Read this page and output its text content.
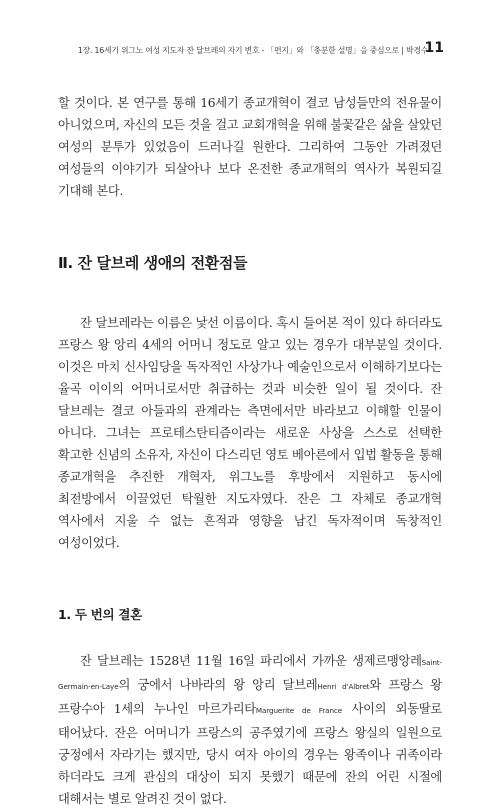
1장. 16세기 위그노 여성 지도자 잔 달브레의 자기 변호 - 「편지」와 「충분한 설명」을 중심으로 | 박경수
11

할 것이다. 본 연구를 통해 16세기 종교개혁이 결코 남성들만의 전유물이 아니었으며, 자신의 모든 것을 걸고 교회개혁을 위해 불꽃같은 삶을 살았던 여성의 분투가 있었음이 드러나길 원한다. 그리하여 그동안 가려졌던 여성들의 이야기가 되살아나 보다 온전한 종교개혁의 역사가 복원되길 기대해 본다.

Ⅱ. 잔 달브레 생애의 전환점들

잔 달브레라는 이름은 낯선 이름이다. 혹시 들어본 적이 있다 하더라도 프랑스 왕 앙리 4세의 어머니 정도로 알고 있는 경우가 대부분일 것이다. 이것은 마치 신사임당을 독자적인 사상가나 예술인으로서 이해하기보다는 율곡 이이의 어머니로서만 취급하는 것과 비슷한 일이 될 것이다. 잔 달브레는 결코 아들과의 관계라는 측면에서만 바라보고 이해할 인물이 아니다. 그녀는 프로테스탄티즘이라는 새로운 사상을 스스로 선택한 확고한 신념의 소유자, 자신이 다스리던 영토 베아른에서 입법 활동을 통해 종교개혁을 추진한 개혁자, 위그노를 후방에서 지원하고 동시에 최전방에서 이끌었던 탁월한 지도자였다. 잔은 그 자체로 종교개혁 역사에서 지울 수 없는 흔적과 영향을 남긴 독자적이며 독창적인 여성이었다.

1. 두 번의 결혼

잔 달브레는 1528년 11월 16일 파리에서 가까운 생제르맹앙레Saint-Germain-en-Laye의 궁에서 나바라의 왕 앙리 달브레Henri d'Albret와 프랑스 왕 프랑수아 1세의 누나인 마르가리타Marguerite de France 사이의 외동딸로 태어났다. 잔은 어머니가 프랑스의 공주였기에 프랑스 왕실의 일원으로 궁정에서 자라기는 했지만, 당시 여자 아이의 경우는 왕족이나 귀족이라 하더라도 크게 관심의 대상이 되지 못했기 때문에 잔의 어린 시절에 대해서는 별로 알려진 것이 없다.
